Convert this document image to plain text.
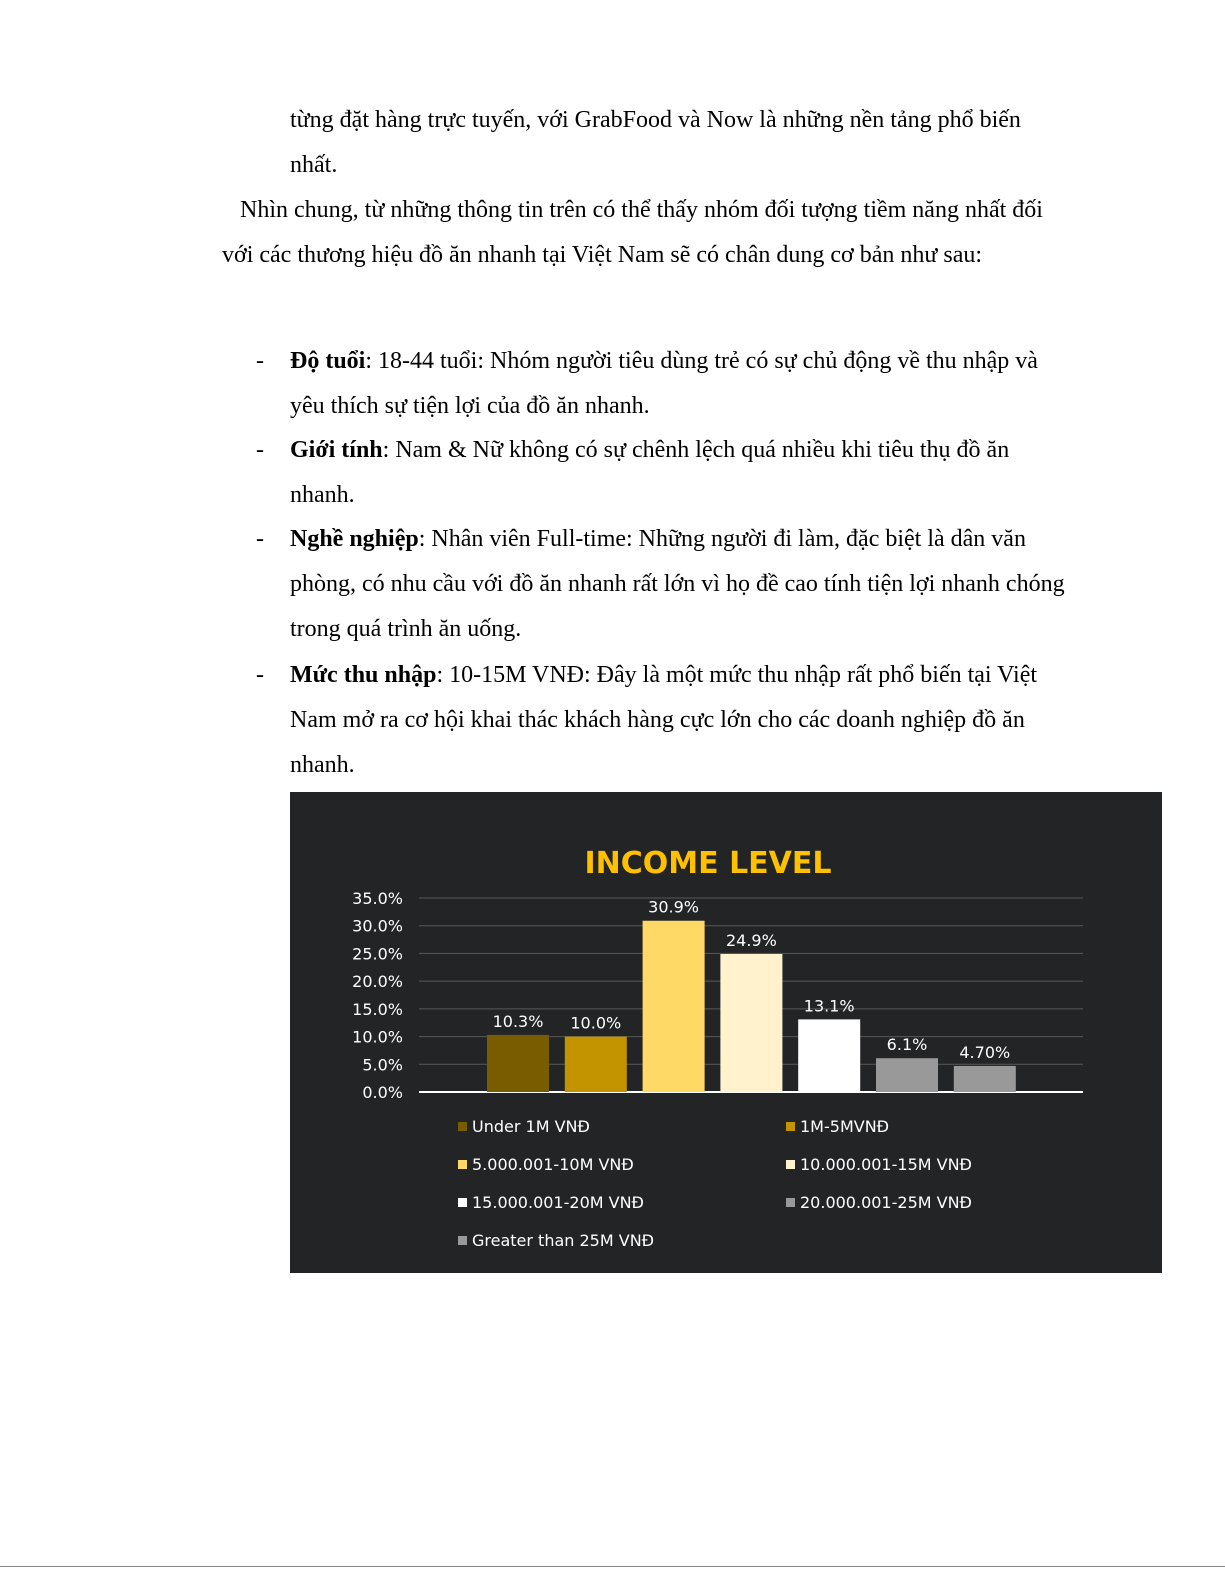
từng đặt hàng trực tuyến, với GrabFood và Now là những nền tảng phổ biến nhất.

Nhìn chung, từ những thông tin trên có thể thấy nhóm đối tượng tiềm năng nhất đối với các thương hiệu đồ ăn nhanh tại Việt Nam sẽ có chân dung cơ bản như sau:

- Độ tuổi: 18-44 tuổi: Nhóm người tiêu dùng trẻ có sự chủ động về thu nhập và yêu thích sự tiện lợi của đồ ăn nhanh.
- Giới tính: Nam & Nữ không có sự chênh lệch quá nhiều khi tiêu thụ đồ ăn nhanh.
- Nghề nghiệp: Nhân viên Full-time: Những người đi làm, đặc biệt là dân văn phòng, có nhu cầu với đồ ăn nhanh rất lớn vì họ đề cao tính tiện lợi nhanh chóng trong quá trình ăn uống.
- Mức thu nhập: 10-15M VNĐ: Đây là một mức thu nhập rất phổ biến tại Việt Nam mở ra cơ hội khai thác khách hàng cực lớn cho các doanh nghiệp đồ ăn nhanh.
INCOME LEVEL
0.0%
5.0%
10.0%
15.0%
20.0%
25.0%
30.0%
35.0%
10.3% 10.0%
30.9%
24.9%
13.1%
6.1% 4.70%
Under 1M VNĐ	1M-5MVNĐ
5.000.001-10M VNĐ	10.000.001-15M VNĐ
15.000.001-20M VNĐ	20.000.001-25M VNĐ
Greater than 25M VNĐ
